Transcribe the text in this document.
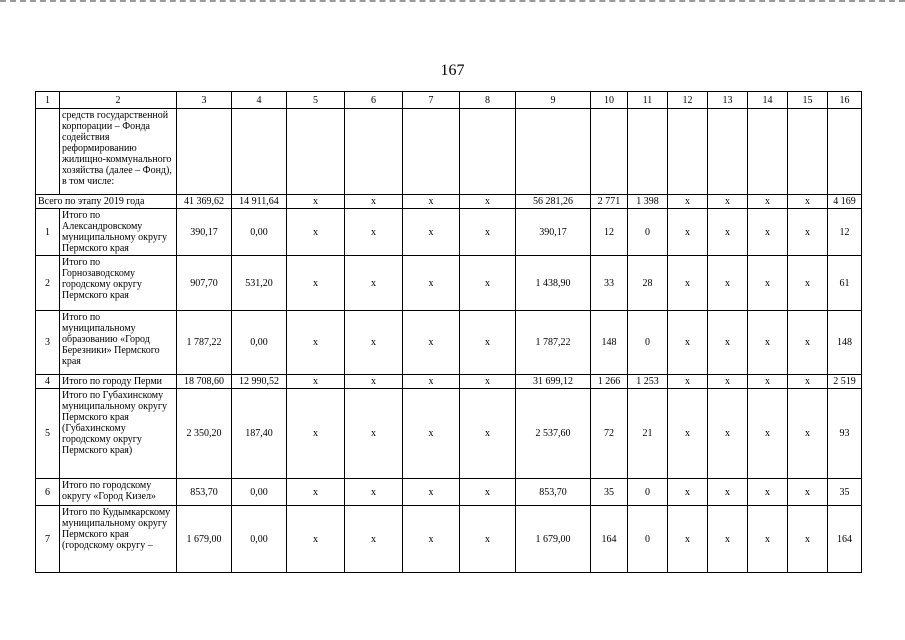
167
1	2	3	4	5	6	7	8	9	10	11	12	13	14	15	16
	средств государственной корпорации – Фонда содействия реформированию жилищно-коммунального хозяйства (далее – Фонд), в том числе:														
Всего по этапу 2019 года		41 369,62	14 911,64	х	х	х	х	56 281,26	2 771	1 398	х	х	х	х	4 169
1	Итого по Александровскому муниципальному округу Пермского края	390,17	0,00	х	х	х	х	390,17	12	0	х	х	х	х	12
2	Итого по Горнозаводскому городскому округу Пермского края	907,70	531,20	х	х	х	х	1 438,90	33	28	х	х	х	х	61
3	Итого по муниципальному образованию «Город Березники» Пермского края	1 787,22	0,00	х	х	х	х	1 787,22	148	0	х	х	х	х	148
4	Итого по городу Перми	18 708,60	12 990,52	х	х	х	х	31 699,12	1 266	1 253	х	х	х	х	2 519
5	Итого по Губахинскому муниципальному округу Пермского края (Губахинскому городскому округу Пермского края)	2 350,20	187,40	х	х	х	х	2 537,60	72	21	х	х	х	х	93
6	Итого по городскому округу «Город Кизел»	853,70	0,00	х	х	х	х	853,70	35	0	х	х	х	х	35
7	Итого по Кудымкарскому муниципальному округу Пермского края (городскому округу –	1 679,00	0,00	х	х	х	х	1 679,00	164	0	х	х	х	х	164
